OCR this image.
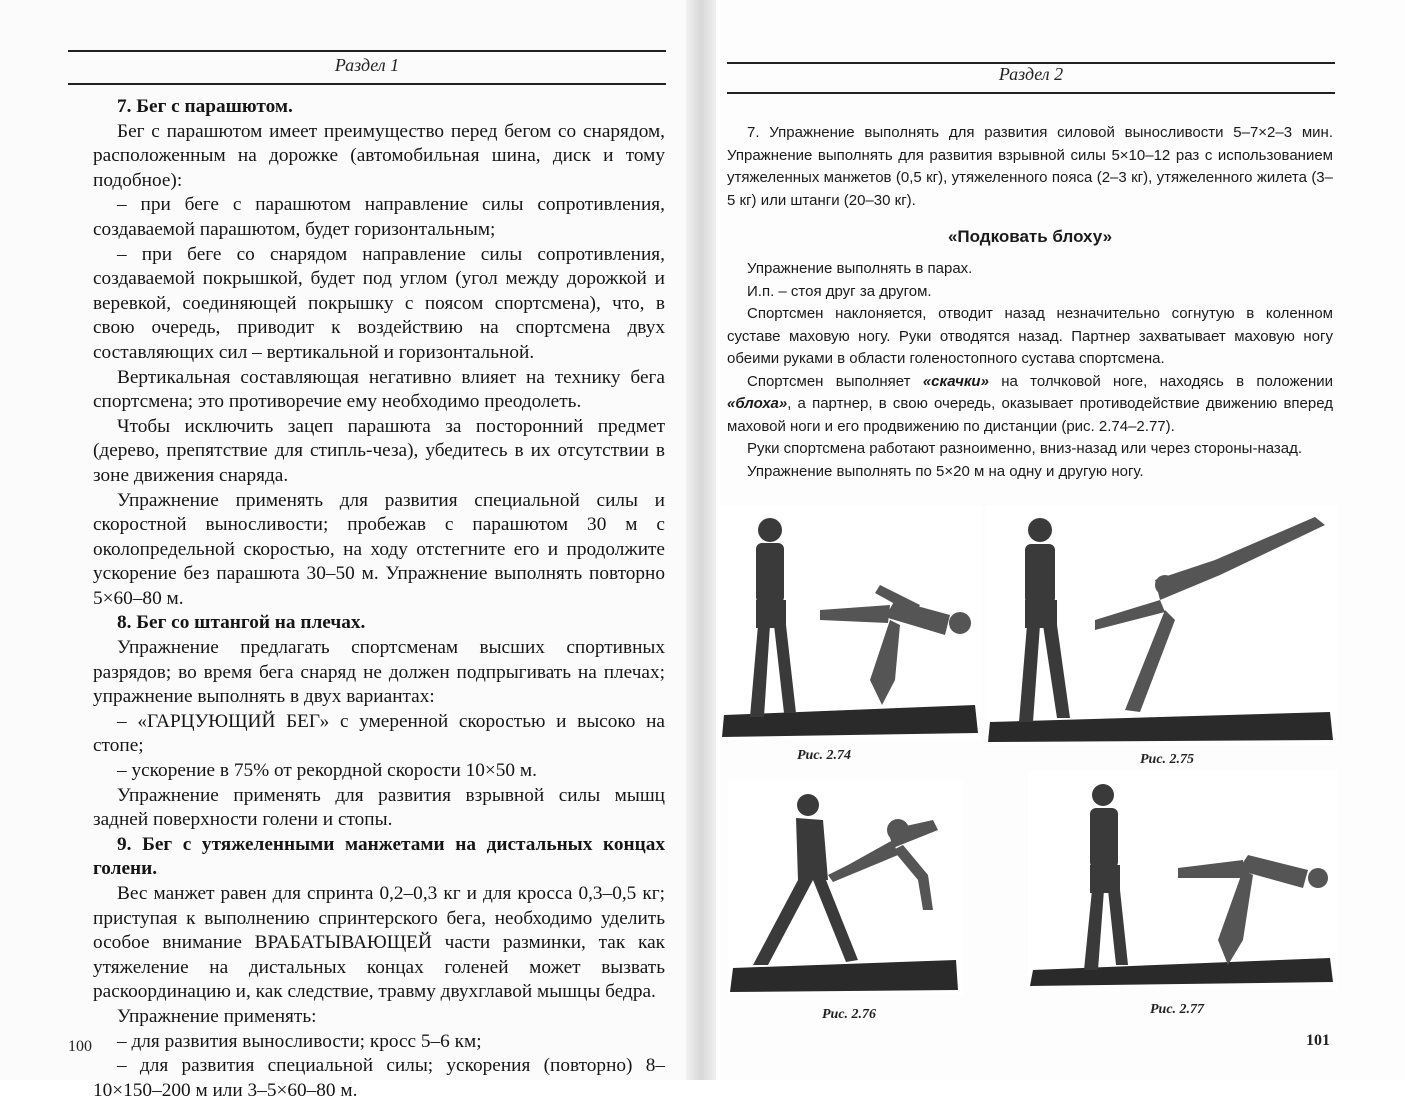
Раздел 1

7. Бег с парашютом.

Бег с парашютом имеет преимущество перед бегом со снарядом, расположенным на дорожке (автомобильная шина, диск и тому подобное):

– при беге с парашютом направление силы сопротивления, создаваемой парашютом, будет горизонтальным;

– при беге со снарядом направление силы сопротивления, создаваемой покрышкой, будет под углом (угол между дорожкой и веревкой, соединяющей покрышку с поясом спортсмена), что, в свою очередь, приводит к воздействию на спортсмена двух составляющих сил – вертикальной и горизонтальной.

Вертикальная составляющая негативно влияет на технику бега спортсмена; это противоречие ему необходимо преодолеть.

Чтобы исключить зацеп парашюта за посторонний предмет (дерево, препятствие для стипль-чеза), убедитесь в их отсутствии в зоне движения снаряда.

Упражнение применять для развития специальной силы и скоростной выносливости; пробежав с парашютом 30 м с околопредельной скоростью, на ходу отстегните его и продолжите ускорение без парашюта 30–50 м. Упражнение выполнять повторно 5×60–80 м.

8. Бег со штангой на плечах.

Упражнение предлагать спортсменам высших спортивных разрядов; во время бега снаряд не должен подпрыгивать на плечах; упражнение выполнять в двух вариантах:

– «ГАРЦУЮЩИЙ БЕГ» с умеренной скоростью и высоко на стопе;

– ускорение в 75% от рекордной скорости 10×50 м.

Упражнение применять для развития взрывной силы мышц задней поверхности голени и стопы.

9. Бег с утяжеленными манжетами на дистальных концах голени.

Вес манжет равен для спринта 0,2–0,3 кг и для кросса 0,3–0,5 кг; приступая к выполнению спринтерского бега, необходимо уделить особое внимание ВРАБАТЫВАЮЩЕЙ части разминки, так как утяжеление на дистальных концах голеней может вызвать раскоординацию и, как следствие, травму двухглавой мышцы бедра.

Упражнение применять:

– для развития выносливости; кросс 5–6 км;

– для развития специальной силы; ускорения (повторно) 8–10×150–200 м или 3–5×60–80 м.

100
Раздел 2

7. Упражнение выполнять для развития силовой выносливости 5–7×2–3 мин. Упражнение выполнять для развития взрывной силы 5×10–12 раз с использованием утяжеленных манжетов (0,5 кг), утяжеленного пояса (2–3 кг), утяжеленного жилета (3–5 кг) или штанги (20–30 кг).

«Подковать блоху»

Упражнение выполнять в парах.

И.п. – стоя друг за другом.

Спортсмен наклоняется, отводит назад незначительно согнутую в коленном суставе маховую ногу. Руки отводятся назад. Партнер захватывает маховую ногу обеими руками в области голеностопного сустава спортсмена.

Спортсмен выполняет «скачки» на толчковой ноге, находясь в положении «блоха», а партнер, в свою очередь, оказывает противодействие движению вперед маховой ноги и его продвижению по дистанции (рис. 2.74–2.77).

Руки спортсмена работают разноименно, вниз-назад или через стороны-назад.

Упражнение выполнять по 5×20 м на одну и другую ногу.

Рис. 2.74	Рис. 2.75
Рис. 2.76	Рис. 2.77
101
